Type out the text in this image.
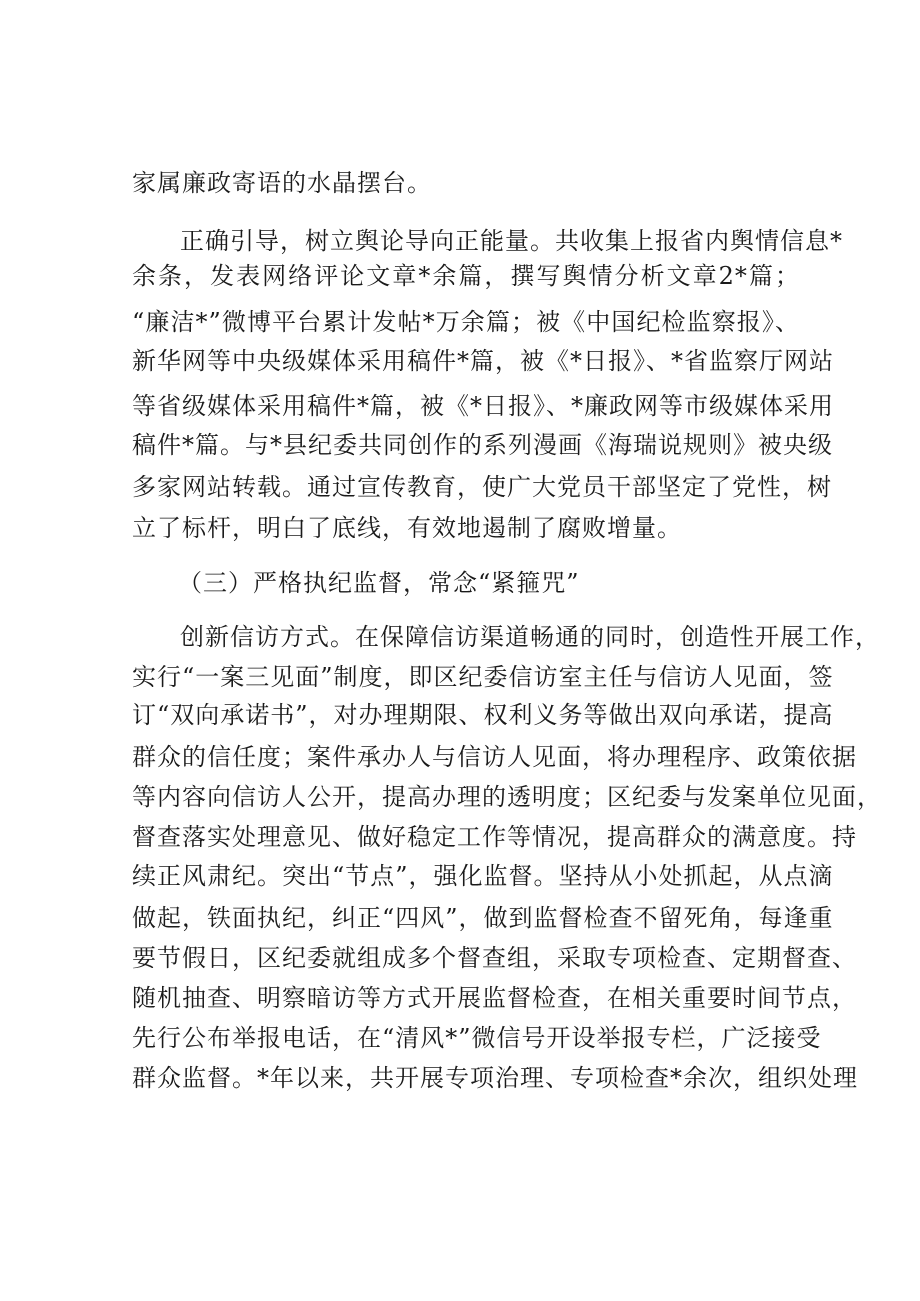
家属廉政寄语的水晶摆台。
正确引导，树立舆论导向正能量。共收集上报省内舆情信息*
余条，发表网络评论文章*余篇，撰写舆情分析文章2*篇；
“廉洁*”微博平台累计发帖*万余篇；被《中国纪检监察报》、
新华网等中央级媒体采用稿件*篇，被《*日报》、*省监察厅网站
等省级媒体采用稿件*篇，被《*日报》、*廉政网等市级媒体采用
稿件*篇。与*县纪委共同创作的系列漫画《海瑞说规则》被央级
多家网站转载。通过宣传教育，使广大党员干部坚定了党性，树
立了标杆，明白了底线，有效地遏制了腐败增量。
（三）严格执纪监督，常念“紧箍咒”
创新信访方式。在保障信访渠道畅通的同时，创造性开展工作，
实行“一案三见面”制度，即区纪委信访室主任与信访人见面，签
订“双向承诺书”，对办理期限、权利义务等做出双向承诺，提高
群众的信任度；案件承办人与信访人见面，将办理程序、政策依据
等内容向信访人公开，提高办理的透明度；区纪委与发案单位见面，
督查落实处理意见、做好稳定工作等情况，提高群众的满意度。持
续正风肃纪。突出“节点”，强化监督。坚持从小处抓起，从点滴
做起，铁面执纪，纠正“四风”，做到监督检查不留死角，每逢重
要节假日，区纪委就组成多个督查组，采取专项检查、定期督查、
随机抽查、明察暗访等方式开展监督检查，在相关重要时间节点，
先行公布举报电话，在“清风*”微信号开设举报专栏，广泛接受
群众监督。*年以来，共开展专项治理、专项检查*余次，组织处理
